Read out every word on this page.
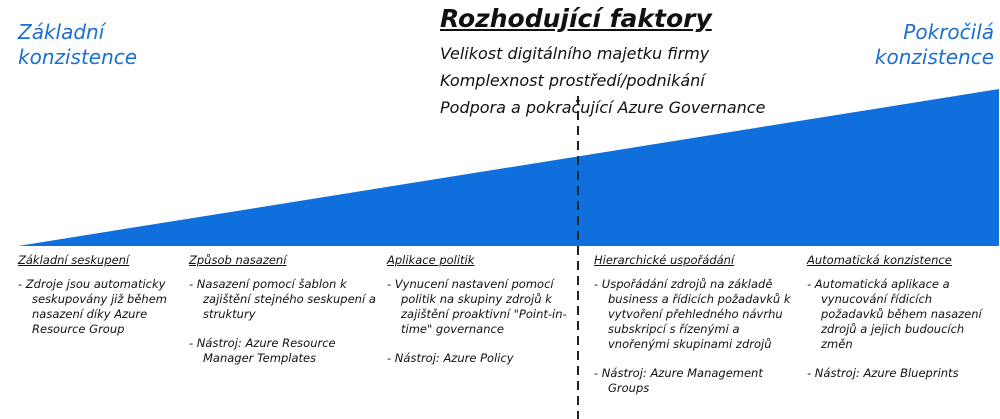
Základní
konzistence
Pokročilá
konzistence
Rozhodující faktory
Velikost digitálního majetku firmy
Komplexnost prostředí/podnikání
Podpora a pokračující Azure Governance
Základní seskupení
- Zdroje jsou automaticky seskupovány již během nasazení díky Azure Resource Group
Způsob nasazení
- Nasazení pomocí šablon k zajištění stejného seskupení a struktury
- Nástroj: Azure Resource Manager Templates
Aplikace politik
- Vynucení nastavení pomocí politik na skupiny zdrojů k zajištění proaktivní "Point-in-time" governance
- Nástroj: Azure Policy
Hierarchické uspořádání
- Uspořádání zdrojů na základě business a řídicích požadavků k vytvoření přehledného návrhu subskripcí s řízenými a vnořenými skupinami zdrojů
- Nástroj: Azure Management Groups
Automatická konzistence
- Automatická aplikace a vynucování řídicích požadavků během nasazení zdrojů a jejich budoucích změn
- Nástroj: Azure Blueprints
